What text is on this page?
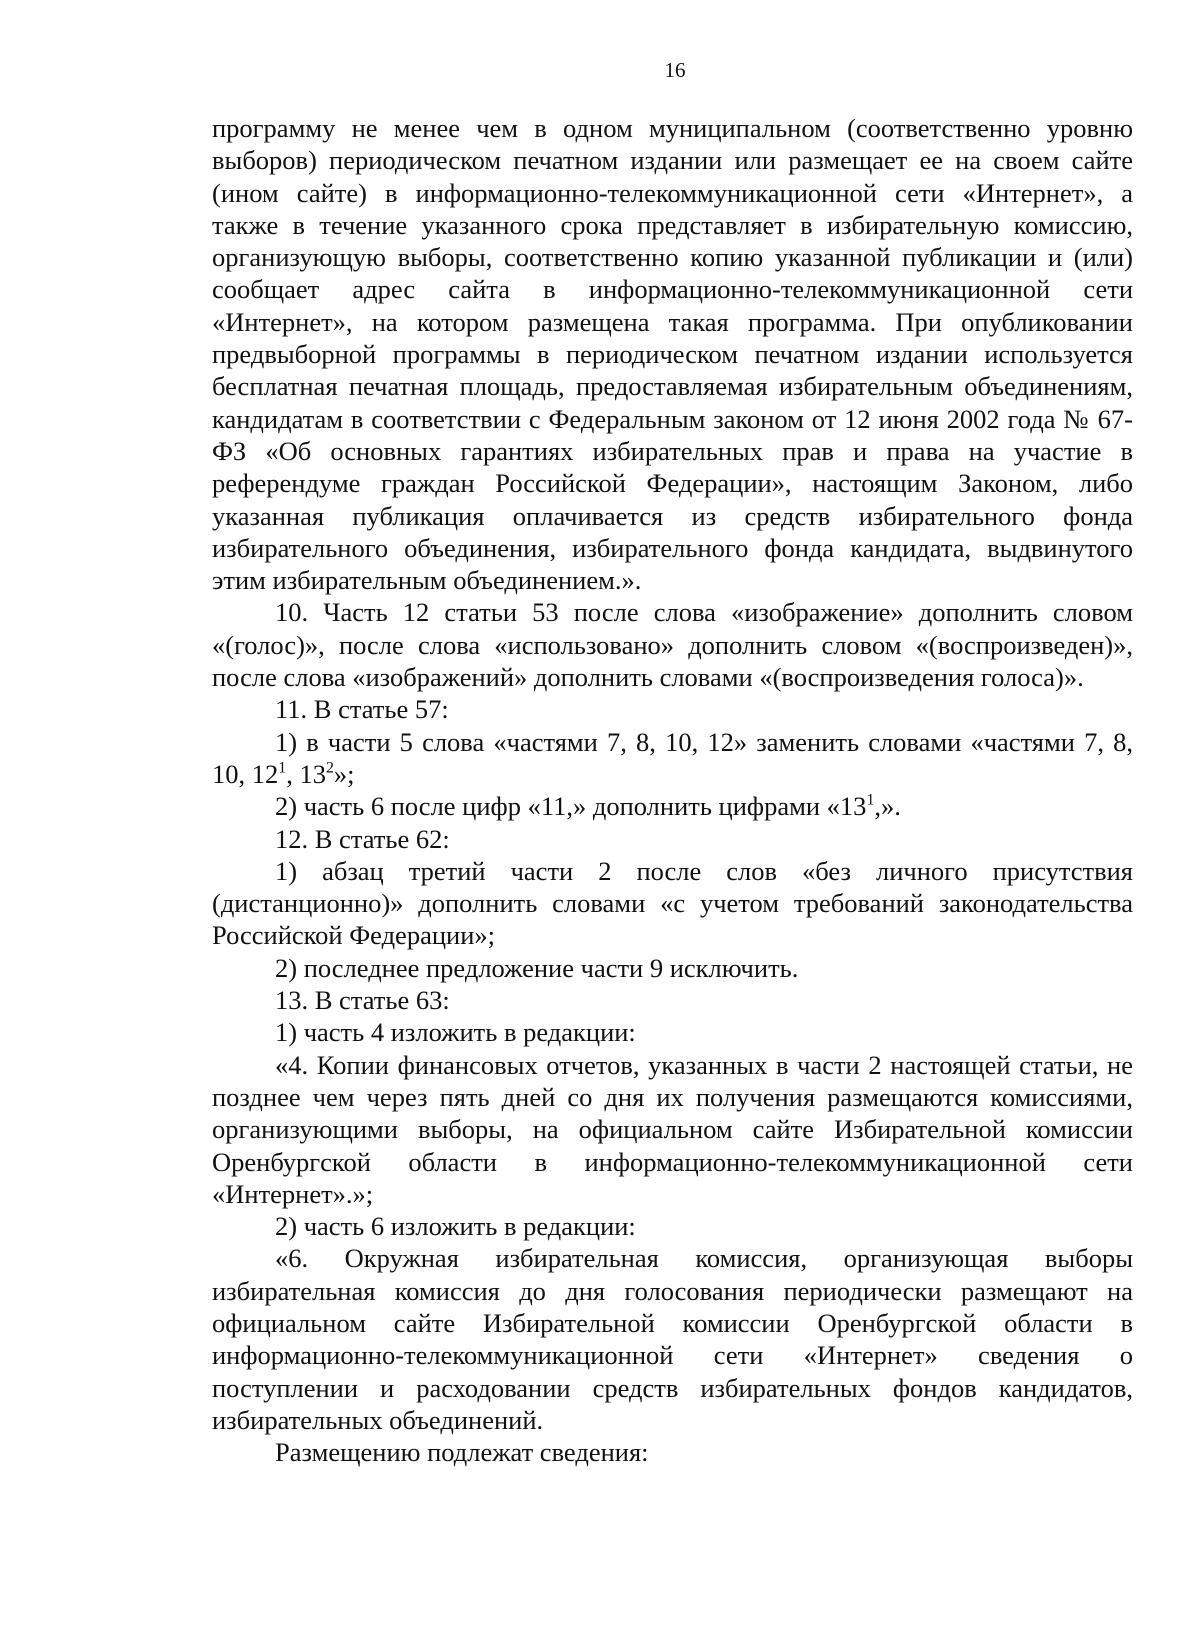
16

программу не менее чем в одном муниципальном (соответственно уровню выборов) периодическом печатном издании или размещает ее на своем сайте (ином сайте) в информационно-телекоммуникационной сети «Интернет», а также в течение указанного срока представляет в избирательную комиссию, организующую выборы, соответственно копию указанной публикации и (или) сообщает адрес сайта в информационно-телекоммуникационной сети «Интернет», на котором размещена такая программа. При опубликовании предвыборной программы в периодическом печатном издании используется бесплатная печатная площадь, предоставляемая избирательным объединениям, кандидатам в соответствии с Федеральным законом от 12 июня 2002 года № 67-ФЗ «Об основных гарантиях избирательных прав и права на участие в референдуме граждан Российской Федерации», настоящим Законом, либо указанная публикация оплачивается из средств избирательного фонда избирательного объединения, избирательного фонда кандидата, выдвинутого этим избирательным объединением.».

10. Часть 12 статьи 53 после слова «изображение» дополнить словом «(голос)», после слова «использовано» дополнить словом «(воспроизведен)», после слова «изображений» дополнить словами «(воспроизведения голоса)».

11. В статье 57:

1) в части 5 слова «частями 7, 8, 10, 12» заменить словами «частями 7, 8, 10, $12^1$, $13^2$»;

2) часть 6 после цифр «11,» дополнить цифрами «$13^1$,».

12. В статье 62:

1) абзац третий части 2 после слов «без личного присутствия (дистанционно)» дополнить словами «с учетом требований законодательства Российской Федерации»;

2) последнее предложение части 9 исключить.

13. В статье 63:

1) часть 4 изложить в редакции:

«4. Копии финансовых отчетов, указанных в части 2 настоящей статьи, не позднее чем через пять дней со дня их получения размещаются комиссиями, организующими выборы, на официальном сайте Избирательной комиссии Оренбургской области в информационно-телекоммуникационной сети «Интернет».»;

2) часть 6 изложить в редакции:

«6. Окружная избирательная комиссия, организующая выборы избирательная комиссия до дня голосования периодически размещают на официальном сайте Избирательной комиссии Оренбургской области в информационно-телекоммуникационной сети «Интернет» сведения о поступлении и расходовании средств избирательных фондов кандидатов, избирательных объединений.

Размещению подлежат сведения:
